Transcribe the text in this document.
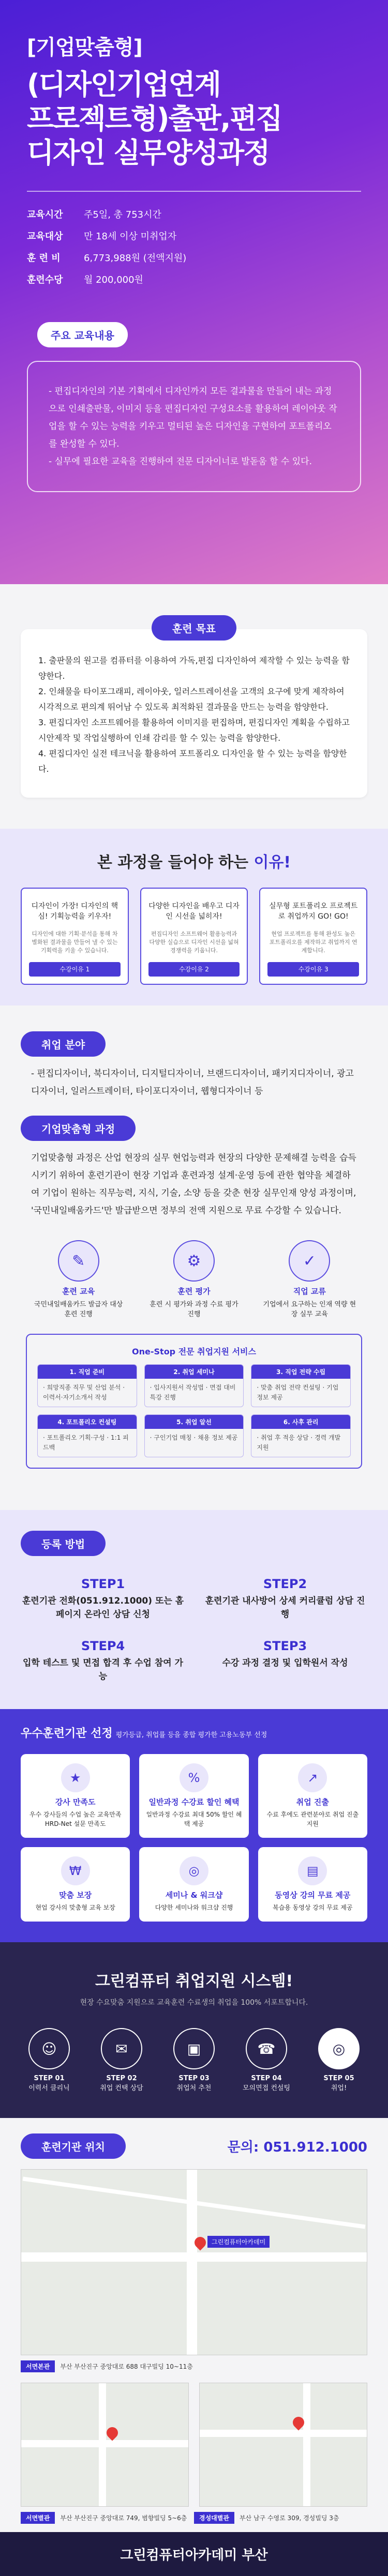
[기업맞춤형]
(디자인기업연계
프로젝트형)출판,편집
디자인 실무양성과정
교육시간	주5일, 총 753시간
교육대상	만 18세 이상 미취업자
훈 련 비	6,773,988원 (전액지원)
훈련수당	월 200,000원
주요 교육내용
- 편집디자인의 기본 기획에서 디자인까지 모든 결과물을 만들어 내는 과정으로 인쇄출판물, 이미지 등을 편집디자인 구성요소를 활용하여 레이아웃 작업을 할 수 있는 능력을 키우고 멀티된 높은 디자인을 구현하여 포트폴리오를 완성할 수 있다.
- 실무에 필요한 교육을 진행하여 전문 디자이너로 발돋움 할 수 있다.
훈련 목표

1. 출판물의 원고를 컴퓨터를 이용하여 가독,편집 디자인하여 제작할 수 있는 능력을 함양한다.

2. 인쇄물을 타이포그래피, 레이아웃, 일러스트레이션을 고객의 요구에 맞게 제작하여 시각적으로 편의계 뛰어남 수 있도록 최적화된 결과물을 만드는 능력을 함양한다.

3. 편집디자인 소프트웨어를 활용하여 이미지를 편집하며, 편집디자인 계획을 수립하고 시안제작 및 작업실행하여 인쇄 감리를 할 수 있는 능력을 함양한다.

4. 편집디자인 실전 테크닉을 활용하여 포트폴리오 디자인을 할 수 있는 능력을 함양한다.

본 과정을 들어야 하는 이유!

디자인이 가장! 디자인의 핵심! 기획능력을 키우자!

디자인에 대한 기획·분석을 통해 차별화된 결과물을 만들어 낼 수 있는 기획력을 키울 수 있습니다.

수강이유 1

다양한 디자인을 배우고 디자인 시선을 넓히자!

편집디자인 소프트웨어 활용능력과 다양한 실습으로 디자인 시선을 넓혀 경쟁력을 키웁니다.

수강이유 2

실무형 포트폴리오 프로젝트로 취업까지 GO! GO!

현업 프로젝트를 통해 완성도 높은 포트폴리오를 제작하고 취업까지 연계합니다.

수강이유 3
취업 분야

- 편집디자이너, 북디자이너, 디지털디자이너, 브랜드디자이너, 패키지디자이너, 광고디자이너, 일러스트레이터, 타이포디자이너, 웹형디자이너 등

기업맞춤형 과정

기업맞춤형 과정은 산업 현장의 실무 현업능력과 현장의 다양한 문제해결 능력을 습득시키기 위하여 훈련기관이 현장 기업과 훈련과정 설계·운영 등에 관한 협약을 체결하여 기업이 원하는 직무능력, 지식, 기술, 소양 등을 갖춘 현장 실무인재 양성 과정이며, '국민내일배움카드'만 발급받으면 정부의 전액 지원으로 무료 수강할 수 있습니다.

✎
훈련 교육
국민내일배움카드 발급자 대상 훈련 진행
⚙
훈련 평가
훈련 시 평가와 과정 수료 평가 진행
✓
직업 교류
기업에서 요구하는 인재 역량 현장 실무 교육
One-Stop 전문 취업지원 서비스
1. 직업 준비
· 희망직종 직무 및 산업 분석 · 이력서·자기소개서 작성
2. 취업 세미나
· 입사지원서 작성법 · 면접 대비 특강 진행
3. 직업 전략 수립
· 맞춤 취업 전략 컨설팅 · 기업 정보 제공
4. 포트폴리오 컨설팅
· 포트폴리오 기획·구성 · 1:1 피드백
5. 취업 알선
· 구인기업 매칭 · 채용 정보 제공
6. 사후 관리
· 취업 후 적응 상담 · 경력 개발 지원
등록 방법
STEP1

훈련기관 전화(051.912.1000) 또는 홈페이지 온라인 상담 신청

STEP2

훈련기관 내사방어 상세 커리큘럼 상담 진행

STEP4

입학 테스트 및 면접 합격 후 수업 참여 가능

STEP3

수강 과정 결정 및 입학원서 작성

우수훈련기관 선정 평가등급, 취업률 등을 종합 평가한 고용노동부 선정
★
강사 만족도
우수 강사들의 수업 높은 교육만족 HRD-Net 설문 만족도
%
일반과정 수강료 할인 혜택
일반과정 수강료 최대 50% 할인 혜택 제공
↗
취업 진출
수료 후에도 관련분야로 취업 진출 지원
₩
맞춤 보장
현업 강사의 맞춤형 교육 보장
◎
세미나 & 워크샵
다양한 세미나와 워크샵 진행
▤
동영상 강의 무료 제공
복습용 동영상 강의 무료 제공
그린컴퓨터 취업지원 시스템!

현장 수요맞춤 지원으로 교육훈련 수료생의 취업을 100% 서포트합니다.

☺
STEP 01

이력서 클리닉

✉
STEP 02

취업 컨택 상담

▣
STEP 03

취업처 추천

☎
STEP 04

모의면접 컨설팅

◎
STEP 05

취업!

훈련기관 위치	문의: 051.912.1000
그린컴퓨터아카데미
서면본관 부산 부산진구 중앙대로 688 대구빌딩 10~11층
서면별관 부산 부산진구 중앙대로 749, 범향빌딩 5~6층	경성대별관 부산 남구 수영로 309, 경성빌딩 3층
그린컴퓨터아카데미 부산
